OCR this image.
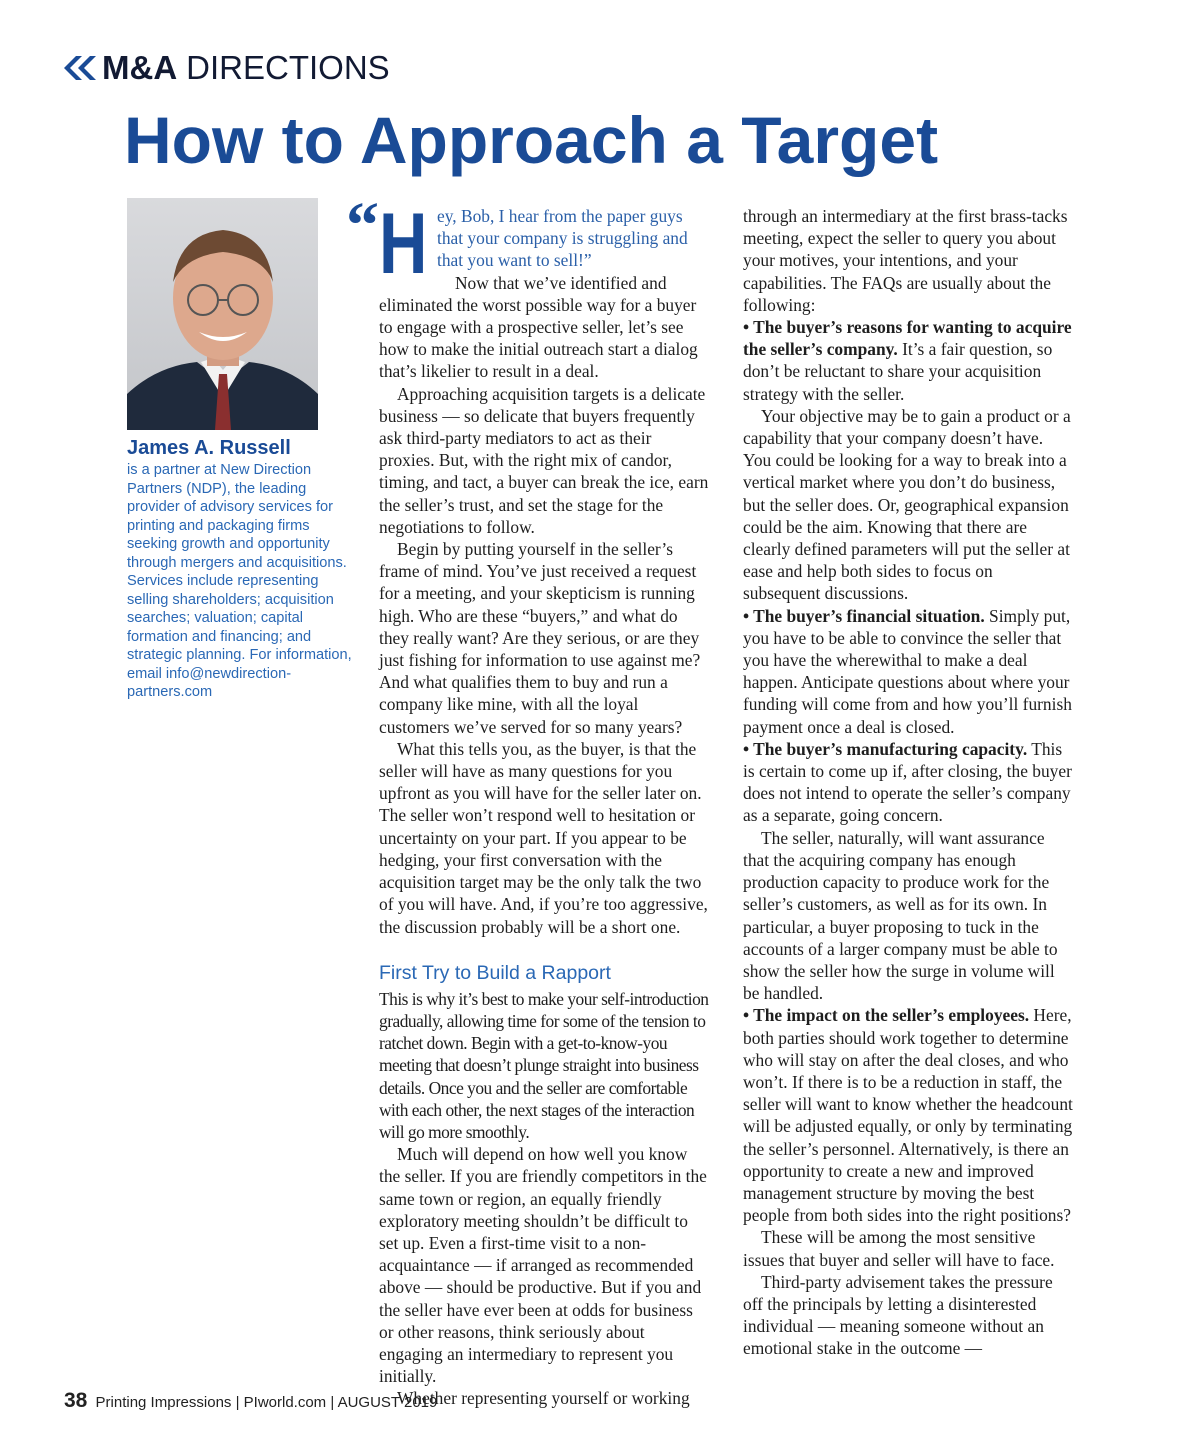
M&A DIRECTIONS
How to Approach a Target
James A. Russell
is a partner at New Direction Partners (NDP), the leading provider of advisory services for printing and packaging firms seeking growth and opportunity through mergers and acquisitions. Services include representing selling shareholders; acquisition searches; valuation; capital formation and financing; and strategic planning. For information, email info@newdirection-partners.com
“ H ey, Bob, I hear from the paper guys that your company is struggling and that you want to sell!”

Now that we’ve identified and eliminated the worst possible way for a buyer to engage with a prospective seller, let’s see how to make the initial outreach start a dialog that’s likelier to result in a deal.

Approaching acquisition targets is a delicate business — so delicate that buyers frequently ask third-party mediators to act as their proxies. But, with the right mix of candor, timing, and tact, a buyer can break the ice, earn the seller’s trust, and set the stage for the negotiations to follow.

Begin by putting yourself in the seller’s frame of mind. You’ve just received a request for a meeting, and your skepticism is running high. Who are these “buyers,” and what do they really want? Are they serious, or are they just fishing for information to use against me? And what qualifies them to buy and run a company like mine, with all the loyal customers we’ve served for so many years?

What this tells you, as the buyer, is that the seller will have as many questions for you upfront as you will have for the seller later on. The seller won’t respond well to hesitation or uncertainty on your part. If you appear to be hedging, your first conversation with the acquisition target may be the only talk the two of you will have. And, if you’re too aggressive, the discussion probably will be a short one.

First Try to Build a Rapport

This is why it’s best to make your self-introduction gradually, allowing time for some of the tension to ratchet down. Begin with a get-to-know-you meeting that doesn’t plunge straight into business details. Once you and the seller are comfortable with each other, the next stages of the interaction will go more smoothly.

Much will depend on how well you know the seller. If you are friendly competitors in the same town or region, an equally friendly exploratory meeting shouldn’t be difficult to set up. Even a first-time visit to a non-acquaintance — if arranged as recommended above — should be productive. But if you and the seller have ever been at odds for business or other reasons, think seriously about engaging an intermediary to represent you initially.

Whether representing yourself or working

through an intermediary at the first brass-tacks meeting, expect the seller to query you about your motives, your intentions, and your capabilities. The FAQs are usually about the following:

• The buyer’s reasons for wanting to acquire the seller’s company. It’s a fair question, so don’t be reluctant to share your acquisition strategy with the seller.

Your objective may be to gain a product or a capability that your company doesn’t have. You could be looking for a way to break into a vertical market where you don’t do business, but the seller does. Or, geographical expansion could be the aim. Knowing that there are clearly defined parameters will put the seller at ease and help both sides to focus on subsequent discussions.

• The buyer’s financial situation. Simply put, you have to be able to convince the seller that you have the wherewithal to make a deal happen. Anticipate questions about where your funding will come from and how you’ll furnish payment once a deal is closed.

• The buyer’s manufacturing capacity. This is certain to come up if, after closing, the buyer does not intend to operate the seller’s company as a separate, going concern.

The seller, naturally, will want assurance that the acquiring company has enough production capacity to produce work for the seller’s customers, as well as for its own. In particular, a buyer proposing to tuck in the accounts of a larger company must be able to show the seller how the surge in volume will be handled.

• The impact on the seller’s employees. Here, both parties should work together to determine who will stay on after the deal closes, and who won’t. If there is to be a reduction in staff, the seller will want to know whether the headcount will be adjusted equally, or only by terminating the seller’s personnel. Alternatively, is there an opportunity to create a new and improved management structure by moving the best people from both sides into the right positions?

These will be among the most sensitive issues that buyer and seller will have to face.

Third-party advisement takes the pressure off the principals by letting a disinterested individual — meaning someone without an emotional stake in the outcome —

38 Printing Impressions | PIworld.com | AUGUST 2019
